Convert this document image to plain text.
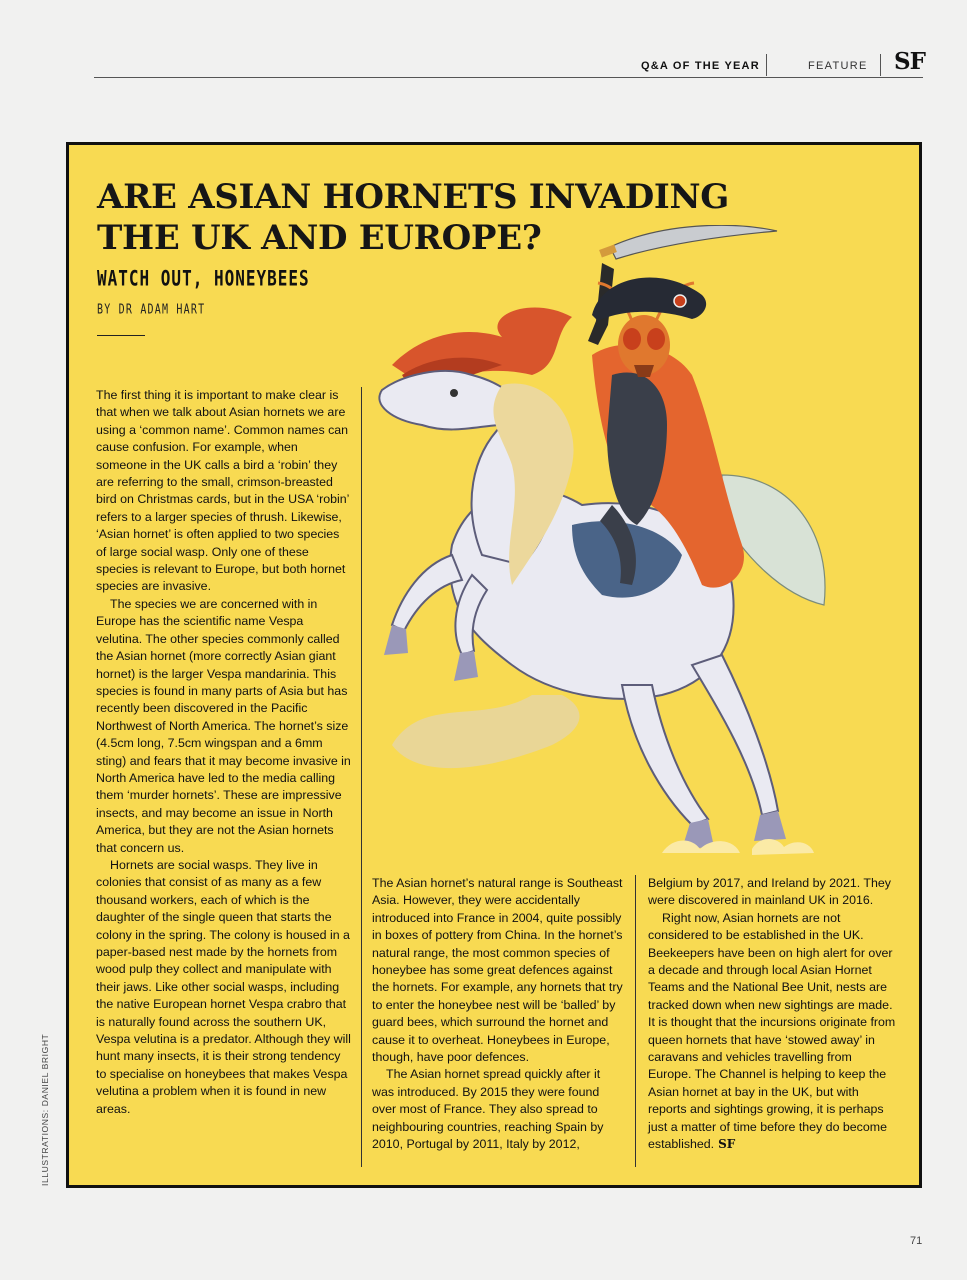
Q&A OF THE YEAR	FEATURE SF
ARE ASIAN HORNETS INVADING THE UK AND EUROPE?
WATCH OUT, HONEYBEES
BY DR ADAM HART

The first thing it is important to make clear is that when we talk about Asian hornets we are using a ‘common name’. Common names can cause confusion. For example, when someone in the UK calls a bird a ‘robin’ they are referring to the small, crimson-breasted bird on Christmas cards, but in the USA ‘robin’ refers to a larger species of thrush. Likewise, ‘Asian hornet’ is often applied to two species of large social wasp. Only one of these species is relevant to Europe, but both hornet species are invasive.

The species we are concerned with in Europe has the scientific name Vespa velutina. The other species commonly called the Asian hornet (more correctly Asian giant hornet) is the larger Vespa mandarinia. This species is found in many parts of Asia but has recently been discovered in the Pacific Northwest of North America. The hornet’s size (4.5cm long, 7.5cm wingspan and a 6mm sting) and fears that it may become invasive in North America have led to the media calling them ‘murder hornets’. These are impressive insects, and may become an issue in North America, but they are not the Asian hornets that concern us.

Hornets are social wasps. They live in colonies that consist of as many as a few thousand workers, each of which is the daughter of the single queen that starts the colony in the spring. The colony is housed in a paper-based nest made by the hornets from wood pulp they collect and manipulate with their jaws. Like other social wasps, including the native European hornet Vespa crabro that is naturally found across the southern UK, Vespa velutina is a predator. Although they will hunt many insects, it is their strong tendency to specialise on honeybees that makes Vespa velutina a problem when it is found in new areas.

The Asian hornet’s natural range is Southeast Asia. However, they were accidentally introduced into France in 2004, quite possibly in boxes of pottery from China. In the hornet’s natural range, the most common species of honeybee has some great defences against the hornets. For example, any hornets that try to enter the honeybee nest will be ‘balled’ by guard bees, which surround the hornet and cause it to overheat. Honeybees in Europe, though, have poor defences.

The Asian hornet spread quickly after it was introduced. By 2015 they were found over most of France. They also spread to neighbouring countries, reaching Spain by 2010, Portugal by 2011, Italy by 2012,

Belgium by 2017, and Ireland by 2021. They were discovered in mainland UK in 2016.

Right now, Asian hornets are not considered to be established in the UK. Beekeepers have been on high alert for over a decade and through local Asian Hornet Teams and the National Bee Unit, nests are tracked down when new sightings are made. It is thought that the incursions originate from queen hornets that have ‘stowed away’ in caravans and vehicles travelling from Europe. The Channel is helping to keep the Asian hornet at bay in the UK, but with reports and sightings growing, it is perhaps just a matter of time before they do become established. SF

ILLUSTRATIONS: DANIEL BRIGHT
71
